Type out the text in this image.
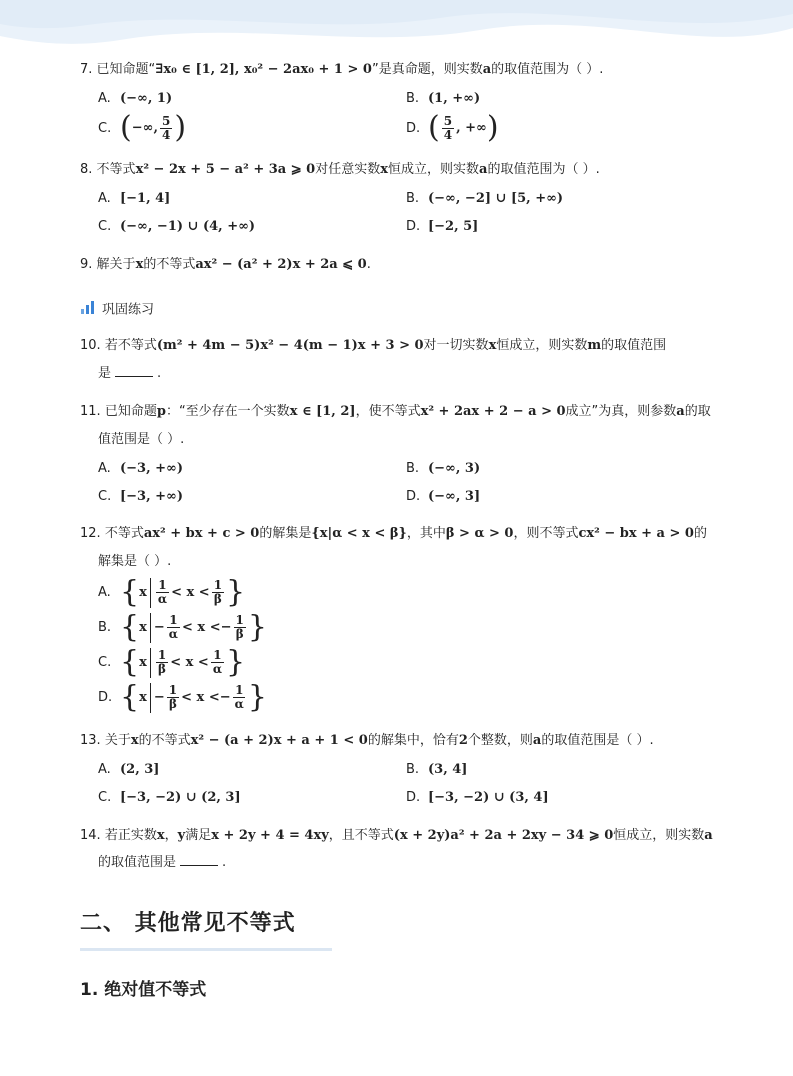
7. 已知命题“∃x₀ ∈ [1, 2], x₀² − 2ax₀ + 1 > 0”是真命题，则实数a的取值范围为（ ）.
A. (−∞, 1)	B. (1, +∞)
C. (−∞, $\frac{5}{4}$ )	D. ( $\frac{5}{4}$ , +∞)
8. 不等式x² − 2x + 5 − a² + 3a ⩾ 0对任意实数x恒成立，则实数a的取值范围为（ ）.
A. [−1, 4]	B. (−∞, −2] ∪ [5, +∞)
C. (−∞, −1) ∪ (4, +∞)	D. [−2, 5]
9. 解关于x的不等式ax² − (a² + 2)x + 2a ⩽ 0.
巩固练习
10. 若不等式(m² + 4m − 5)x² − 4(m − 1)x + 3 > 0对一切实数x恒成立，则实数m的取值范围
是	.
11. 已知命题p：“至少存在一个实数x ∈ [1, 2]，使不等式x² + 2ax + 2 − a > 0成立”为真，则参数a的取
值范围是（ ）.
A. (−3, +∞)	B. (−∞, 3)
C. [−3, +∞)	D. (−∞, 3]
12. 不等式ax² + bx + c > 0的解集是{x|α < x < β}，其中β > α > 0，则不等式cx² − bx + a > 0的
解集是（ ）.
A. {$x \frac{1}{\alpha} < x < \frac{1}{\beta}$ }
B. {$x - \frac{1}{\alpha} < x <- \frac{1}{\beta}$ }
C. {$x \frac{1}{\beta} < x < \frac{1}{\alpha}$ }
D. {$x - \frac{1}{\beta} < x <- \frac{1}{\alpha}$ }
13. 关于x的不等式x² − (a + 2)x + a + 1 < 0的解集中，恰有2个整数，则a的取值范围是（ ）.
A. (2, 3]	B. (3, 4]
C. [−3, −2) ∪ (2, 3]	D. [−3, −2) ∪ (3, 4]
14. 若正实数x，y满足x + 2y + 4 = 4xy，且不等式(x + 2y)a² + 2a + 2xy − 34 ⩾ 0恒成立，则实数a
的取值范围是	.
二、 其他常见不等式
1. 绝对值不等式
